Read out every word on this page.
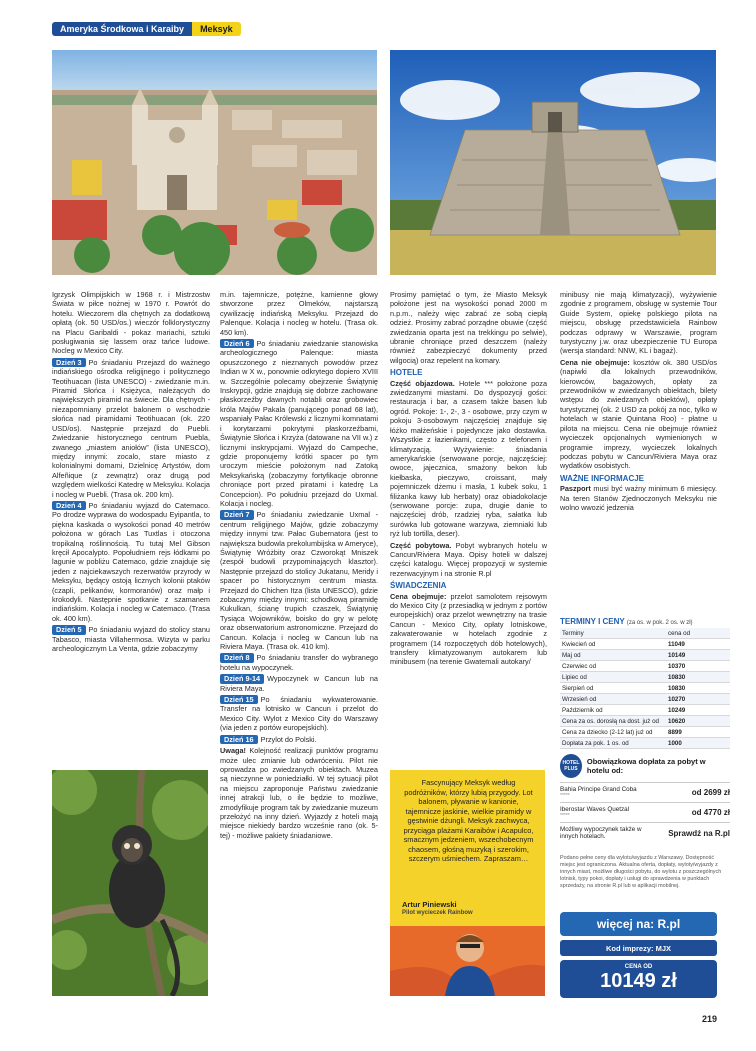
Ameryka Środkowa i Karaiby	Meksyk

Igrzysk Olimpijskich w 1968 r. i Mistrzostw Świata w piłce nożnej w 1970 r. Powrót do hotelu. Wieczorem dla chętnych za dodatkową opłatą (ok. 50 USD/os.) wieczór folklorystyczny na Placu Garibaldi - pokaz mariachi, sztuki posługiwania się lassem oraz tańce ludowe. Nocleg w Mexico City.

Dzień 3 Po śniadaniu Przejazd do ważnego indiańskiego ośrodka religijnego i politycznego Teotihuacan (lista UNESCO) - zwiedzanie m.in. Piramid Słońca i Księżyca, należących do największych piramid na świecie. Dla chętnych - niezapomniany przelot balonem o wschodzie słońca nad piramidami Teotihuacan (ok. 220 USD/os). Następnie przejazd do Puebli. Zwiedzanie historycznego centrum Puebla, zwanego „miastem aniołów” (lista UNESCO), między innymi: zocalo, stare miasto z kolonialnymi domami, Dzielnicę Artystów, dom Alfeñique (z zewnątrz) oraz drugą pod względem wielkości Katedrę w Meksyku. Kolacja i nocleg w Puebli. (Trasa ok. 200 km).

Dzień 4 Po śniadaniu wyjazd do Catemaco. Po drodze wyprawa do wodospadu Eyipantla, to piękna kaskada o wysokości ponad 40 metrów położona w górach Las Tuxtlas i otoczona tropikalną roślinnością. Tu tutaj Mel Gibson kręcił Apocalypto. Popołudniem rejs łódkami po lagunie w pobliżu Catemaco, gdzie znajduje się jeden z najciekawszych rezerwatów przyrody w Meksyku, będący ostoją licznych kolonii ptaków (czapli, pelikanów, kormoranów) oraz małp i krokodyli. Następnie spotkanie z szamanem indiańskim. Kolacja i nocleg w Catemaco. (Trasa ok. 400 km).

Dzień 5 Po śniadaniu wyjazd do stolicy stanu Tabasco, miasta Villahermosa. Wizyta w parku archeologicznym La Venta, gdzie zobaczymy

m.in. tajemnicze, potężne, kamienne głowy stworzone przez Olmeków, najstarszą cywilizację indiańską Meksyku. Przejazd do Palenque. Kolacja i nocleg w hotelu. (Trasa ok. 450 km).

Dzień 6 Po śniadaniu zwiedzanie stanowiska archeologicznego Palenque: miasta opuszczonego z nieznanych powodów przez Indian w X w., ponownie odkrytego dopiero XVIII w. Szczególnie polecamy obejrzenie Świątynię Inskrypcji, gdzie znajdują się dobrze zachowane płaskorzeźby dawnych notabli oraz grobowiec króla Majów Pakala (panującego ponad 68 lat), wspaniały Pałac Królewski z licznymi komnatami i korytarzami pokrytymi płaskorzeźbami, Świątynie Słońca i Krzyża (datowane na VII w.) z licznymi inskrypcjami. Wyjazd do Campeche, gdzie proponujemy krótki spacer po tym uroczym mieście położonym nad Zatoką Meksykańską (zobaczymy fortyfikacje obronne chroniące port przed piratami i katedrę La Concepcion). Po południu przejazd do Uxmal. Kolacja i nocleg.

Dzień 7 Po śniadaniu zwiedzanie Uxmal - centrum religijnego Majów, gdzie zobaczymy między innymi tzw. Pałac Gubernatora (jest to największa budowla prekolumbijska w Ameryce), Świątynię Wróżbity oraz Czworokąt Mniszek (zespół budowli przypominających klasztor). Następnie przejazd do stolicy Jukatanu, Meridy i spacer po historycznym centrum miasta. Przejazd do Chichen Itza (lista UNESCO), gdzie zobaczymy między innymi: schodkową piramidę Kukulkan, ścianę trupich czaszek, Świątynię Tysiąca Wojowników, boisko do gry w pelotę oraz obserwatorium astronomiczne. Przejazd do Cancun. Kolacja i nocleg w Cancun lub na Riviera Maya. (Trasa ok. 410 km).

Dzień 8 Po śniadaniu transfer do wybranego hotelu na wypoczynek.

Dzień 9-14 Wypoczynek w Cancun lub na Riviera Maya.

Dzień 15 Po śniadaniu wykwaterowanie. Transfer na lotnisko w Cancun i przelot do Mexico City. Wylot z Mexico City do Warszawy (via jeden z portów europejskich).

Dzień 16 Przylot do Polski.

Uwaga! Kolejność realizacji punktów programu może ulec zmianie lub odwróceniu. Pilot nie oprowadza po zwiedzanych obiektach. Muzea są nieczynne w poniedziałki. W tej sytuacji pilot na miejscu zaproponuje Państwu zwiedzanie innej atrakcji lub, o ile będzie to możliwe, zmodyfikuje program tak by zwiedzanie muzeum przełożyć na inny dzień. Wyjazdy z hoteli mają miejsce niekiedy bardzo wcześnie rano (ok. 5-tej) - możliwe pakiety śniadaniowe.

Prosimy pamiętać o tym, że Miasto Meksyk położone jest na wysokości ponad 2000 m n.p.m., należy więc zabrać ze sobą ciepłą odzież. Prosimy zabrać porządne obuwie (część zwiedzania oparta jest na trekkingu po selwie), ubranie chroniące przed deszczem (należy również zabezpieczyć dokumenty przed wilgocią) oraz repelent na komary.

HOTELE

Część objazdowa. Hotele *** położone poza zwiedzanymi miastami. Do dyspozycji gości: restauracja i bar, a czasem także basen lub ogród. Pokoje: 1-, 2-, 3 - osobowe, przy czym w pokoju 3-osobowym najczęściej znajduje się łóżko małżeńskie i pojedyncze jako dostawka. Wszystkie z łazienkami, często z telefonem i klimatyzacją. Wyżywienie: śniadania amerykańskie (serwowane porcje, najczęściej: owoce, jajecznica, smażony bekon lub kiełbaska, pieczywo, croissant, mały pojemniczek dżemu i masła, 1 kubek soku, 1 filiżanka kawy lub herbaty) oraz obiadokolacje (serwowane porcje: zupa, drugie danie to najczęściej drób, rzadziej ryba, sałatka lub surówka lub gotowane warzywa, ziemniaki lub ryż lub tortilla, deser).

Część pobytowa. Pobyt wybranych hotelu w Cancun/Riviera Maya. Opisy hoteli w dalszej części katalogu. Więcej propozycji w systemie rezerwacyjnym i na stronie R.pl

ŚWIADCZENIA

Cena obejmuje: przelot samolotem rejsowym do Mexico City (z przesiadką w jednym z portów europejskich) oraz przelot wewnętrzny na trasie Cancun - Mexico City, opłaty lotniskowe, zakwaterowanie w hotelach zgodnie z programem (14 rozpoczętych dób hotelowych), transfery klimatyzowanym autokarem lub minibusem (na terenie Gwatemali autokary/

minibusy nie mają klimatyzacji), wyżywienie zgodnie z programem, obsługę w systemie Tour Guide System, opiekę polskiego pilota na miejscu, obsługę przedstawiciela Rainbow podczas odprawy w Warszawie, program turystyczny j.w. oraz ubezpieczenie TU Europa (wersja standard: NNW, KL i bagaż).

Cena nie obejmuje: kosztów ok. 380 USD/os (napiwki dla lokalnych przewodników, kierowców, bagażowych, opłaty za przewodników w zwiedzanych obiektach, bilety wstępu do zwiedzanych obiektów), opłaty turystycznej (ok. 2 USD za pokój za noc, tylko w hotelach w stanie Quintana Roo) - płatne u pilota na miejscu. Cena nie obejmuje również wycieczek opcjonalnych wymienionych w programie imprezy, wycieczek lokalnych podczas pobytu w Cancun/Riviera Maya oraz wydatków osobistych.

WAŻNE INFORMACJE

Paszport musi być ważny minimum 6 miesięcy. Na teren Stanów Zjednoczonych Meksyku nie wolno wwozić jedzenia

Fascynujący Meksyk według podróżników, którzy lubią przygody. Lot balonem, pływanie w kanionie, tajemnicze jaskinie, wielkie piramidy w gęstwinie dżungli. Meksyk zachwyca, przyciąga plażami Karaibów i Acapulco, smacznym jedzeniem, wszechobecnym chaosem, głośną muzyką i szerokim, szczerym uśmiechem. Zapraszam…
Artur Piniewski
Pilot wycieczek Rainbow
TERMINY I CENY (za os. w pok. 2 os. w zł)
Terminy	cena od
Kwiecień od	11049
Maj od	10149
Czerwiec od	10370
Lipiec od	10830
Sierpień od	10830
Wrzesień od	10270
Październik od	10249
Cena za os. dorosłą na dost. już od	10620
Cena za dziecko (2-12 lat) już od	8899
Dopłata za pok. 1 os. od	1000
HOTEL PLUS
Obowiązkowa dopłata za pobyt w hotelu od:
Bahia Principe Grand Coba
*****	od 2699 zł
Iberostar Waves Quetzal
*****	od 4770 zł
Możliwy wypoczynek także w innych hotelach.	Sprawdź na R.pl
Podano pełne ceny dla wylotu/wyjazdu z Warszawy. Dostępność miejsc jest ograniczona. Aktualna oferta, dopłaty, wyloty/wyjazdy z innych miast, możliwe długości pobytu, do wylotu z poszczególnych lotnisk, typy pokoi, dopłaty i usługi do sprawdzenia w punktach sprzedaży, na stronie R.pl lub w aplikacji mobilnej.
więcej na: R.pl
Kod imprezy: MJX
CENA OD
10149 zł
219
